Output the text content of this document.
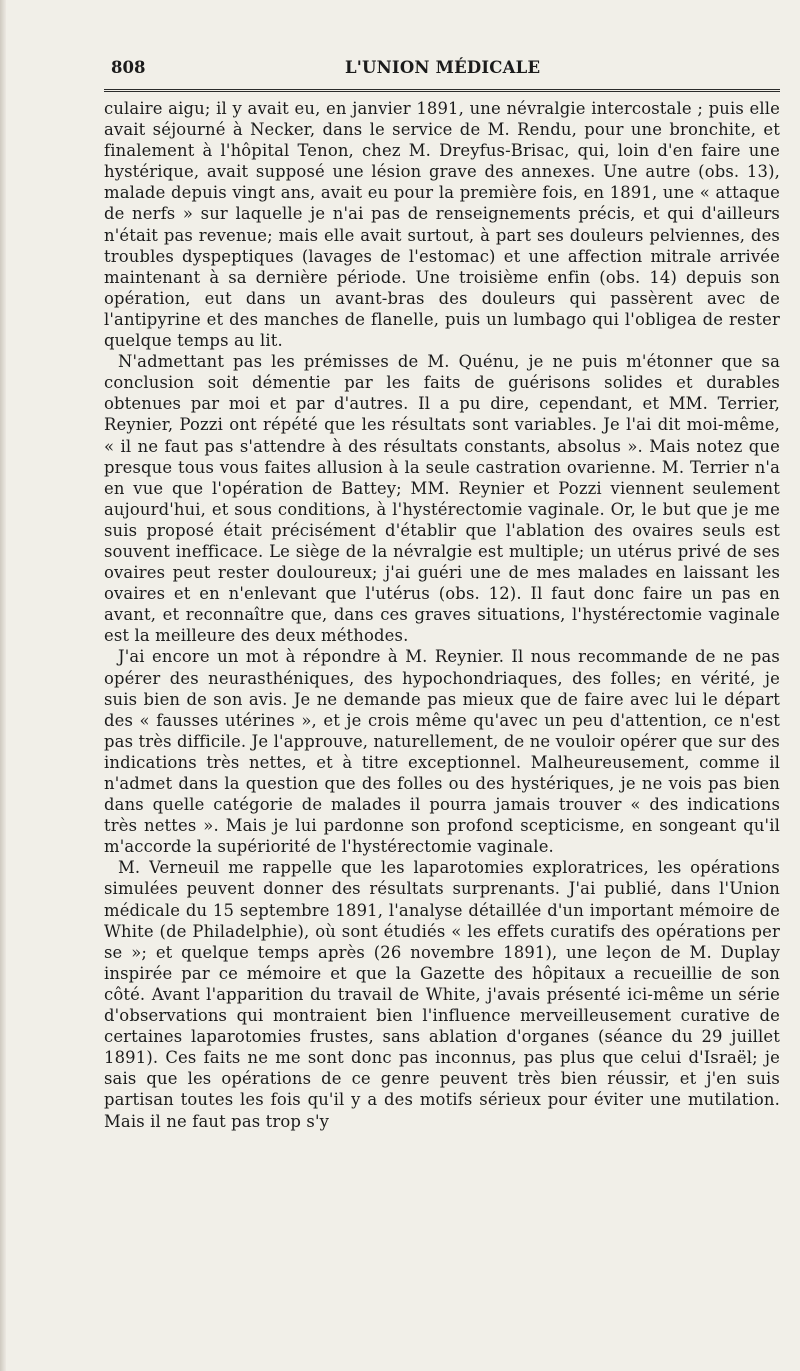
808	L'UNION MÉDICALE

culaire aigu; il y avait eu, en janvier 1891, une névralgie intercostale ; puis elle avait séjourné à Necker, dans le service de M. Rendu, pour une bronchite, et finalement à l'hôpital Tenon, chez M. Dreyfus-Brisac, qui, loin d'en faire une hystérique, avait supposé une lésion grave des annexes. Une autre (obs. 13), malade depuis vingt ans, avait eu pour la première fois, en 1891, une « attaque de nerfs » sur laquelle je n'ai pas de renseignements précis, et qui d'ailleurs n'était pas revenue; mais elle avait surtout, à part ses douleurs pelviennes, des troubles dyspeptiques (lavages de l'estomac) et une affection mitrale arrivée maintenant à sa dernière période. Une troisième enfin (obs. 14) depuis son opération, eut dans un avant-bras des douleurs qui passèrent avec de l'antipyrine et des manches de flanelle, puis un lumbago qui l'obligea de rester quelque temps au lit.

N'admettant pas les prémisses de M. Quénu, je ne puis m'étonner que sa conclusion soit démentie par les faits de guérisons solides et durables obtenues par moi et par d'autres. Il a pu dire, cependant, et MM. Terrier, Reynier, Pozzi ont répété que les résultats sont variables. Je l'ai dit moi-même, « il ne faut pas s'attendre à des résultats constants, absolus ». Mais notez que presque tous vous faites allusion à la seule castration ovarienne. M. Terrier n'a en vue que l'opération de Battey; MM. Reynier et Pozzi viennent seulement aujourd'hui, et sous conditions, à l'hystérectomie vaginale. Or, le but que je me suis proposé était précisément d'établir que l'ablation des ovaires seuls est souvent inefficace. Le siège de la névralgie est multiple; un utérus privé de ses ovaires peut rester douloureux; j'ai guéri une de mes malades en laissant les ovaires et en n'enlevant que l'utérus (obs. 12). Il faut donc faire un pas en avant, et reconnaître que, dans ces graves situations, l'hystérectomie vaginale est la meilleure des deux méthodes.

J'ai encore un mot à répondre à M. Reynier. Il nous recommande de ne pas opérer des neurasthéniques, des hypochondriaques, des folles; en vérité, je suis bien de son avis. Je ne demande pas mieux que de faire avec lui le départ des « fausses utérines », et je crois même qu'avec un peu d'attention, ce n'est pas très difficile. Je l'approuve, naturellement, de ne vouloir opérer que sur des indications très nettes, et à titre exceptionnel. Malheureusement, comme il n'admet dans la question que des folles ou des hystériques, je ne vois pas bien dans quelle catégorie de malades il pourra jamais trouver « des indications très nettes ». Mais je lui pardonne son profond scepticisme, en songeant qu'il m'accorde la supériorité de l'hystérectomie vaginale.

M. Verneuil me rappelle que les laparotomies exploratrices, les opérations simulées peuvent donner des résultats surprenants. J'ai publié, dans l'Union médicale du 15 septembre 1891, l'analyse détaillée d'un important mémoire de White (de Philadelphie), où sont étudiés « les effets curatifs des opérations per se »; et quelque temps après (26 novembre 1891), une leçon de M. Duplay inspirée par ce mémoire et que la Gazette des hôpitaux a recueillie de son côté. Avant l'apparition du travail de White, j'avais présenté ici-même un série d'observations qui montraient bien l'influence merveilleusement curative de certaines laparotomies frustes, sans ablation d'organes (séance du 29 juillet 1891). Ces faits ne me sont donc pas inconnus, pas plus que celui d'Israël; je sais que les opérations de ce genre peuvent très bien réussir, et j'en suis partisan toutes les fois qu'il y a des motifs sérieux pour éviter une mutilation. Mais il ne faut pas trop s'y
